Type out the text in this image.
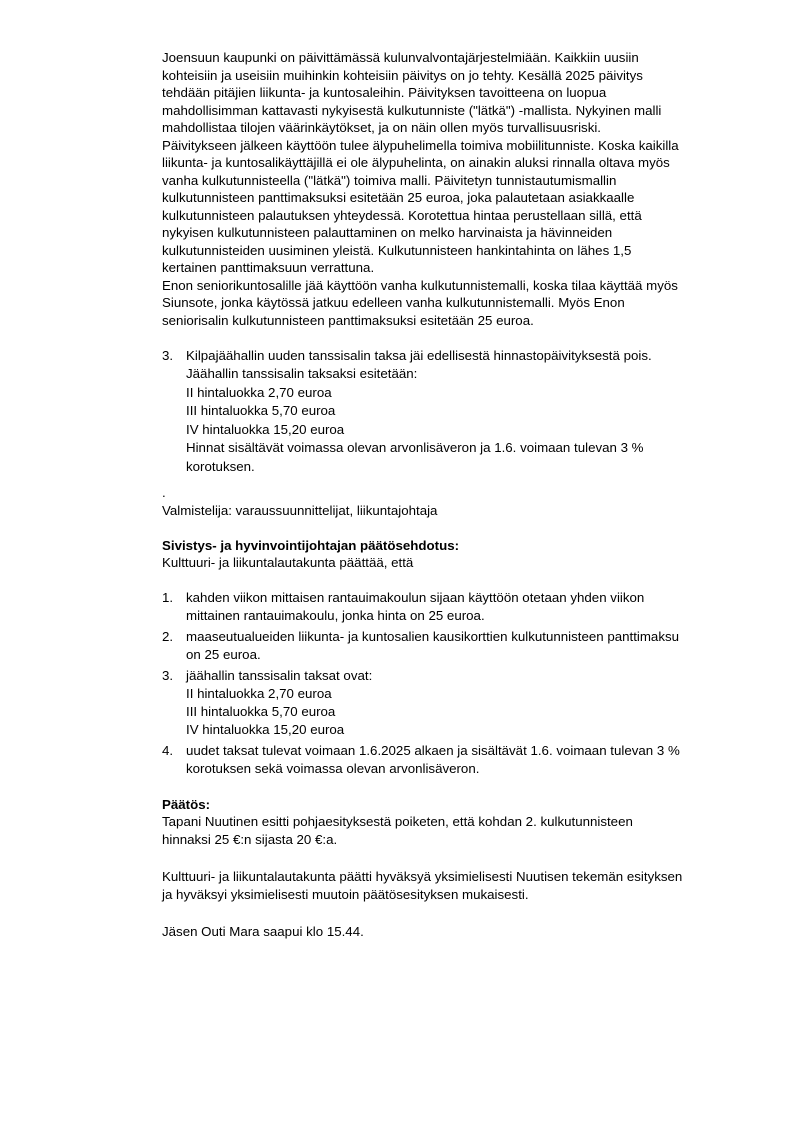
Joensuun kaupunki on päivittämässä kulunvalvontajärjestelmiään. Kaikkiin uusiin
kohteisiin ja useisiin muihinkin kohteisiin päivitys on jo tehty. Kesällä 2025 päivitys
tehdään pitäjien liikunta- ja kuntosaleihin. Päivityksen tavoitteena on luopua
mahdollisimman kattavasti nykyisestä kulkutunniste ("lätkä") -mallista. Nykyinen malli
mahdollistaa tilojen väärinkäytökset, ja on näin ollen myös turvallisuusriski.
Päivitykseen jälkeen käyttöön tulee älypuhelimella toimiva mobiilitunniste. Koska kaikilla
liikunta- ja kuntosalikäyttäjillä ei ole älypuhelinta, on ainakin aluksi rinnalla oltava myös
vanha kulkutunnisteella ("lätkä") toimiva malli. Päivitetyn tunnistautumismallin
kulkutunnisteen panttimaksuksi esitetään 25 euroa, joka palautetaan asiakkaalle
kulkutunnisteen palautuksen yhteydessä. Korotettua hintaa perustellaan sillä, että
nykyisen kulkutunnisteen palauttaminen on melko harvinaista ja hävinneiden
kulkutunnisteiden uusiminen yleistä. Kulkutunnisteen hankintahinta on lähes 1,5
kertainen panttimaksuun verrattuna.
Enon seniorikuntosalille jää käyttöön vanha kulkutunnistemalli, koska tilaa käyttää myös
Siunsote, jonka käytössä jatkuu edelleen vanha kulkutunnistemalli. Myös Enon
seniorisalin kulkutunnisteen panttimaksuksi esitetään 25 euroa.
3. Kilpajäähallin uuden tanssisalin taksa jäi edellisestä hinnastopäivityksestä pois.
Jäähallin tanssisalin taksaksi esitetään:
II hintaluokka 2,70 euroa
III hintaluokka 5,70 euroa
IV hintaluokka 15,20 euroa
Hinnat sisältävät voimassa olevan arvonlisäveron ja 1.6. voimaan tulevan 3 %
korotuksen.
.
Valmistelija: varaussuunnittelijat, liikuntajohtaja
Sivistys- ja hyvinvointijohtajan päätösehdotus:
Kulttuuri- ja liikuntalautakunta päättää, että
1. kahden viikon mittaisen rantauimakoulun sijaan käyttöön otetaan yhden viikon
mittainen rantauimakoulu, jonka hinta on 25 euroa.
2. maaseutualueiden liikunta- ja kuntosalien kausikorttien kulkutunnisteen panttimaksu
on 25 euroa.
3. jäähallin tanssisalin taksat ovat:
II hintaluokka 2,70 euroa
III hintaluokka 5,70 euroa
IV hintaluokka 15,20 euroa
4. uudet taksat tulevat voimaan 1.6.2025 alkaen ja sisältävät 1.6. voimaan tulevan 3 %
korotuksen sekä voimassa olevan arvonlisäveron.
Päätös:
Tapani Nuutinen esitti pohjaesityksestä poiketen, että kohdan 2. kulkutunnisteen
hinnaksi 25 €:n sijasta 20 €:a.
Kulttuuri- ja liikuntalautakunta päätti hyväksyä yksimielisesti Nuutisen tekemän esityksen
ja hyväksyi yksimielisesti muutoin päätösesityksen mukaisesti.
Jäsen Outi Mara saapui klo 15.44.
